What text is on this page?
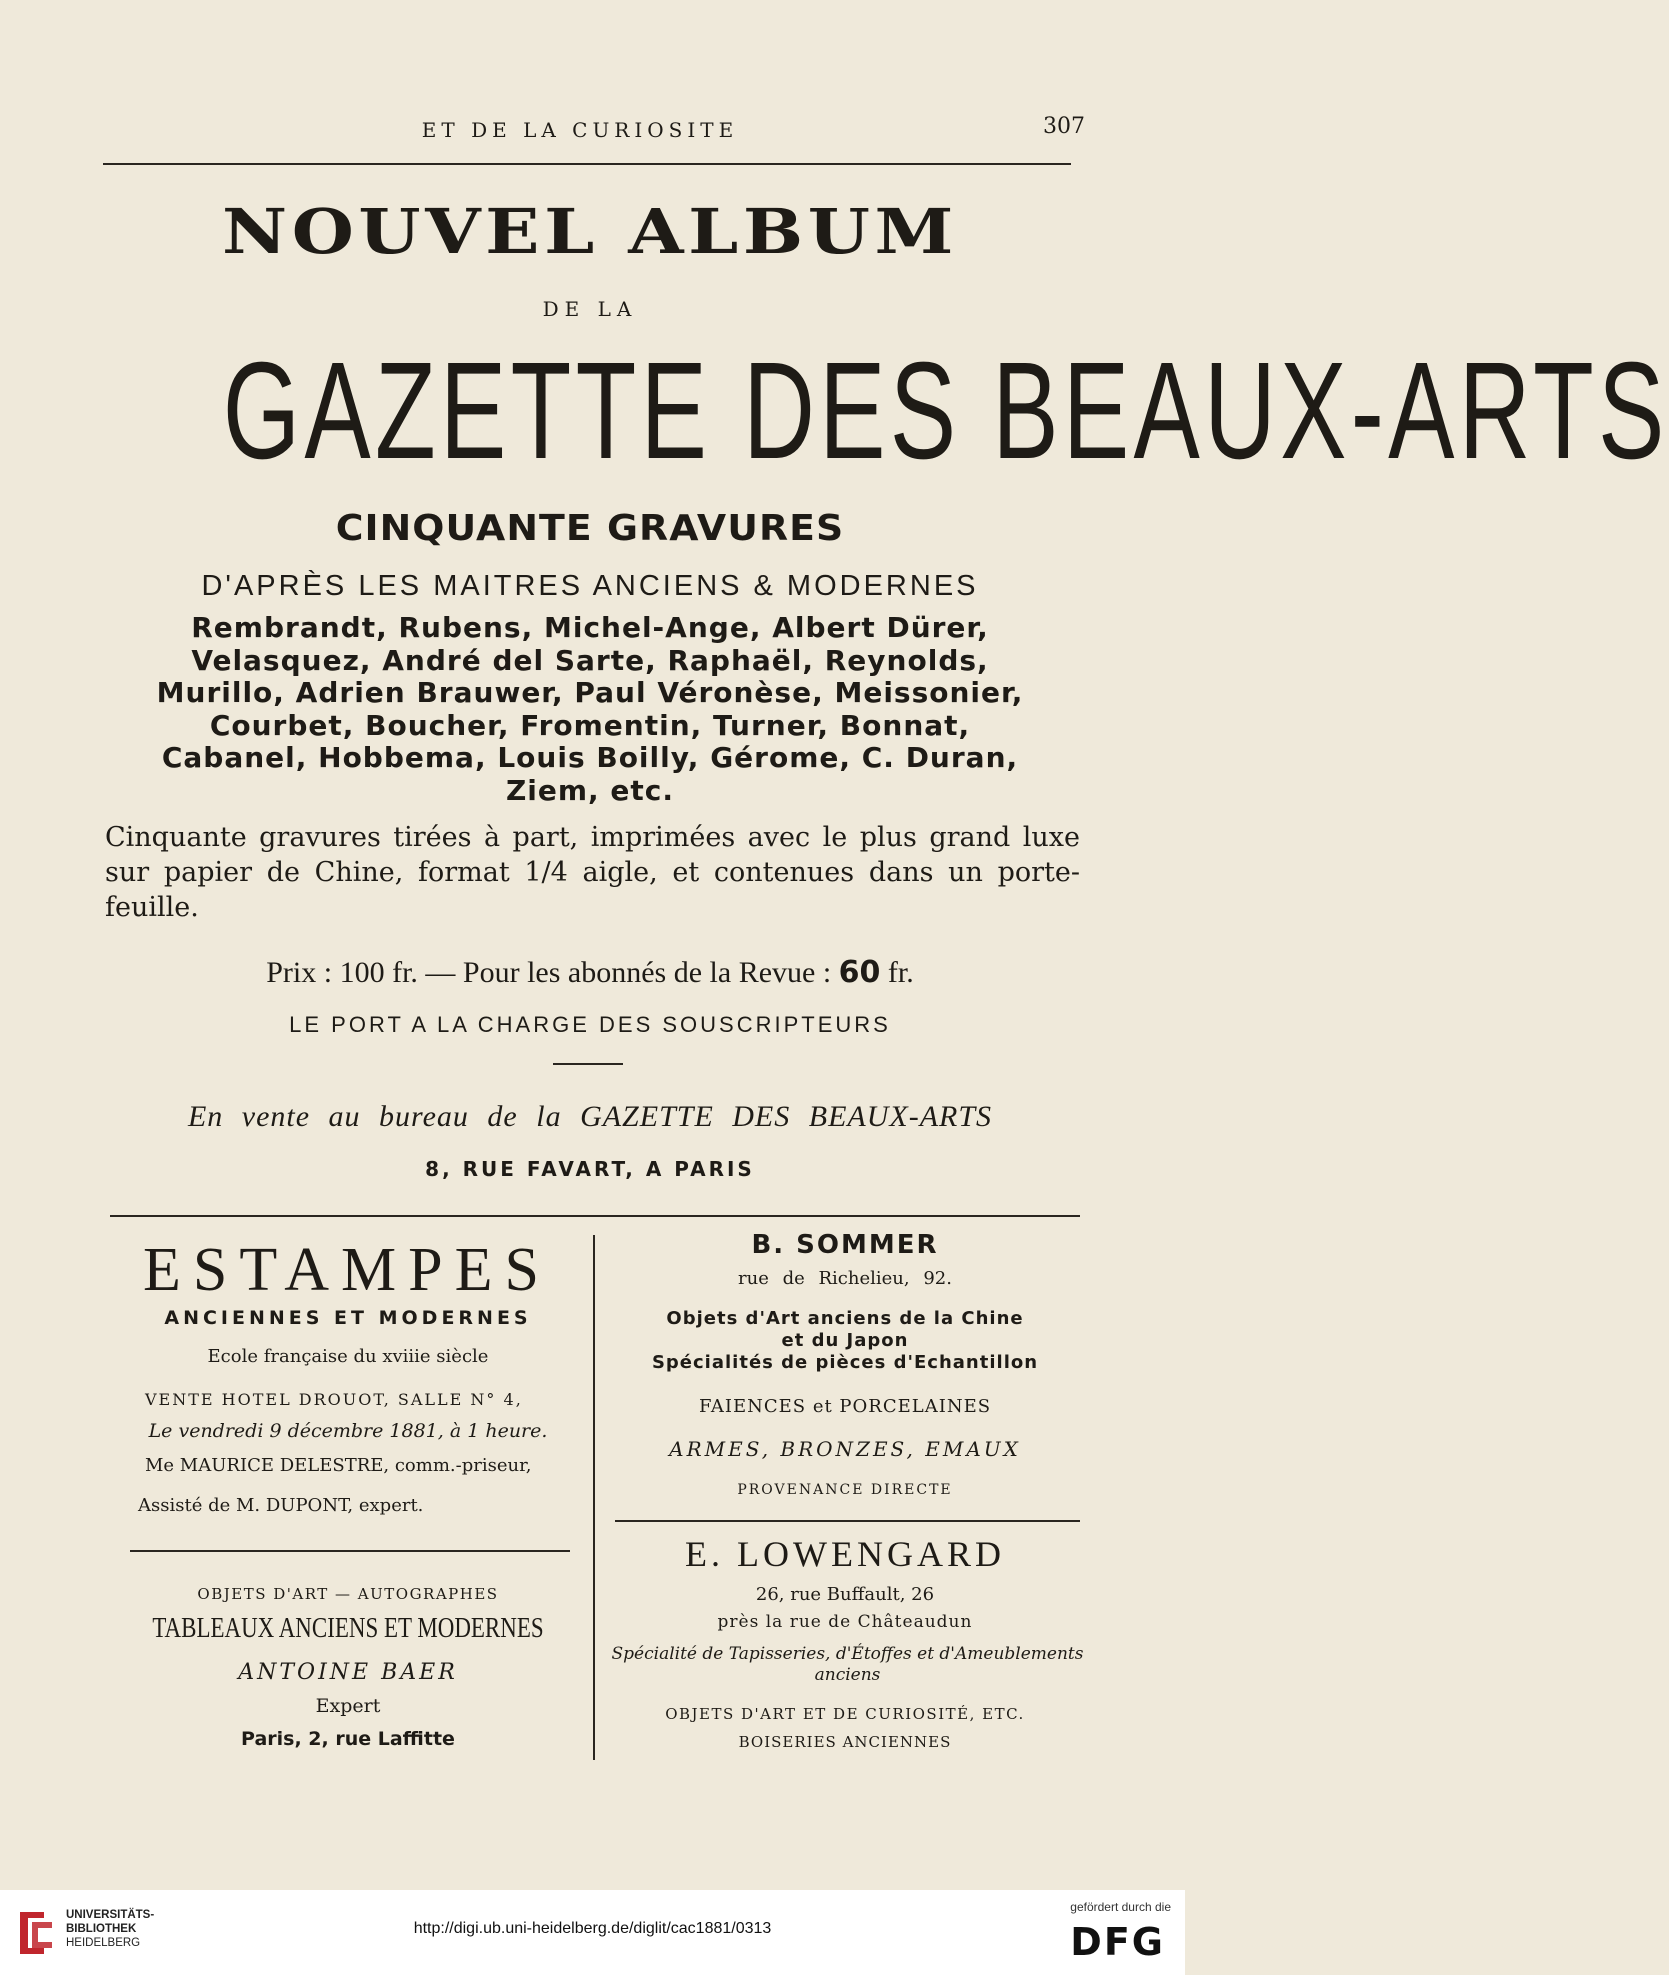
ET DE LA CURIOSITE	307
NOUVEL ALBUM
DE LA
GAZETTE DES BEAUX-ARTS
CINQUANTE GRAVURES
D'APRÈS LES MAITRES ANCIENS & MODERNES
Rembrandt, Rubens, Michel-Ange, Albert Dürer,
Velasquez, André del Sarte, Raphaël, Reynolds,
Murillo, Adrien Brauwer, Paul Véronèse, Meissonier,
Courbet, Boucher, Fromentin, Turner, Bonnat,
Cabanel, Hobbema, Louis Boilly, Gérome, C. Duran,
Ziem, etc.
Cinquante gravures tirées à part, imprimées avec le plus grand luxe sur papier de Chine, format 1/4 aigle, et contenues dans un porte-feuille.
Prix : 100 fr. — Pour les abonnés de la Revue : 60 fr.
LE PORT A LA CHARGE DES SOUSCRIPTEURS
En vente au bureau de la GAZETTE DES BEAUX-ARTS
8, RUE FAVART, A PARIS
ESTAMPES
ANCIENNES ET MODERNES
Ecole française du xviiie siècle
VENTE HOTEL DROUOT, SALLE N° 4,
Le vendredi 9 décembre 1881, à 1 heure.
Me MAURICE DELESTRE, comm.-priseur,
Assisté de M. DUPONT, expert.
OBJETS D'ART — AUTOGRAPHES
TABLEAUX ANCIENS ET MODERNES
ANTOINE BAER
Expert
Paris, 2, rue Laffitte
B. SOMMER
rue de Richelieu, 92.
Objets d'Art anciens de la Chine
et du Japon
Spécialités de pièces d'Echantillon
FAIENCES et PORCELAINES
ARMES, BRONZES, EMAUX
PROVENANCE DIRECTE
E. LOWENGARD
26, rue Buffault, 26
près la rue de Châteaudun
Spécialité de Tapisseries, d'Étoffes et d'Ameublements anciens
OBJETS D'ART ET DE CURIOSITÉ, ETC.
BOISERIES ANCIENNES
UNIVERSITÄTS-
BIBLIOTHEK
HEIDELBERG
http://digi.ub.uni-heidelberg.de/diglit/cac1881/0313
gefördert durch die
DFG
